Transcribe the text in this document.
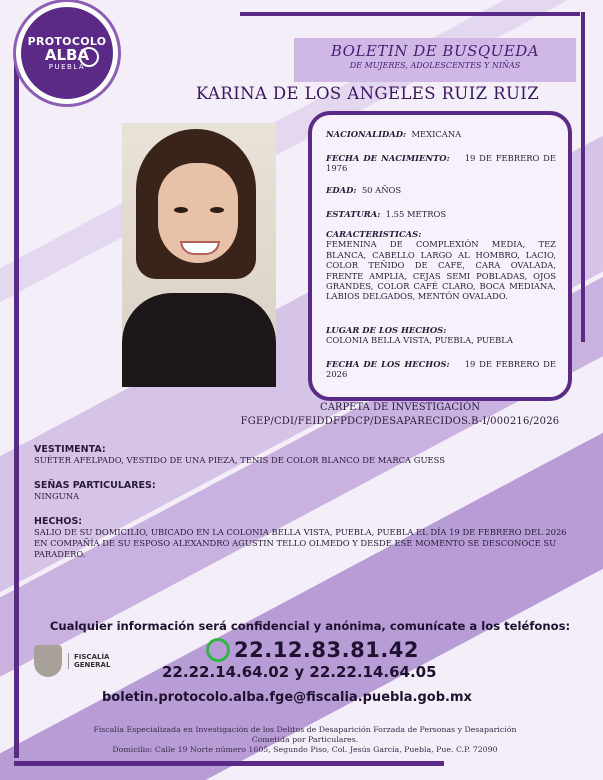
PROTOCOLO
ALBA
PUEBLA
BOLETIN DE BUSQUEDA
DE MUJERES, ADOLESCENTES Y NIÑAS
KARINA DE LOS ANGELES RUIZ RUIZ
NACIONALIDAD: MEXICANA
FECHA DE NACIMIENTO: 19 DE FEBRERO DE 1976
EDAD: 50 AÑOS
ESTATURA: 1.55 METROS
CARACTERISTICAS:
FEMENINA DE COMPLEXIÓN MEDIA, TEZ BLANCA, CABELLO LARGO AL HOMBRO, LACIO, COLOR TEÑIDO DE CAFE, CARA OVALADA, FRENTE AMPLIA, CEJAS SEMI POBLADAS, OJOS GRANDES, COLOR CAFÉ CLARO, BOCA MEDIANA, LABIOS DELGADOS, MENTÓN OVALADO.
LUGAR DE LOS HECHOS:
COLONIA BELLA VISTA, PUEBLA, PUEBLA
FECHA DE LOS HECHOS: 19 DE FEBRERO DE 2026
CARPETA DE INVESTIGACIÓN
FGEP/CDI/FEIDDFPDCP/DESAPARECIDOS.B-I/000216/2026
VESTIMENTA:
SUÉTER AFELPADO, VESTIDO DE UNA PIEZA, TENIS DE COLOR BLANCO DE MARCA GUESS
SEÑAS PARTICULARES:
NINGUNA
HECHOS:
SALIO DE SU DOMICILIO, UBICADO EN LA COLONIA BELLA VISTA, PUEBLA, PUEBLA EL DÍA 19 DE FEBRERO DEL 2026 EN COMPAÑÍA DE SU ESPOSO ALEXANDRO AGUSTIN TELLO OLMEDO Y DESDE ESE MOMENTO SE DESCONOCE SU PARADERO.
Cualquier información será confidencial y anónima, comunícate a los teléfonos:
FISCALÍA
GENERAL
22.12.83.81.42
22.22.14.64.02 y 22.22.14.64.05
boletin.protocolo.alba.fge@fiscalia.puebla.gob.mx
Fiscalía Especializada en Investigación de los Delitos de Desaparición Forzada de Personas y Desaparición
Cometida por Particulares.
Domicilio: Calle 19 Norte número 1605, Segundo Piso, Col. Jesús García, Puebla, Pue. C.P. 72090
